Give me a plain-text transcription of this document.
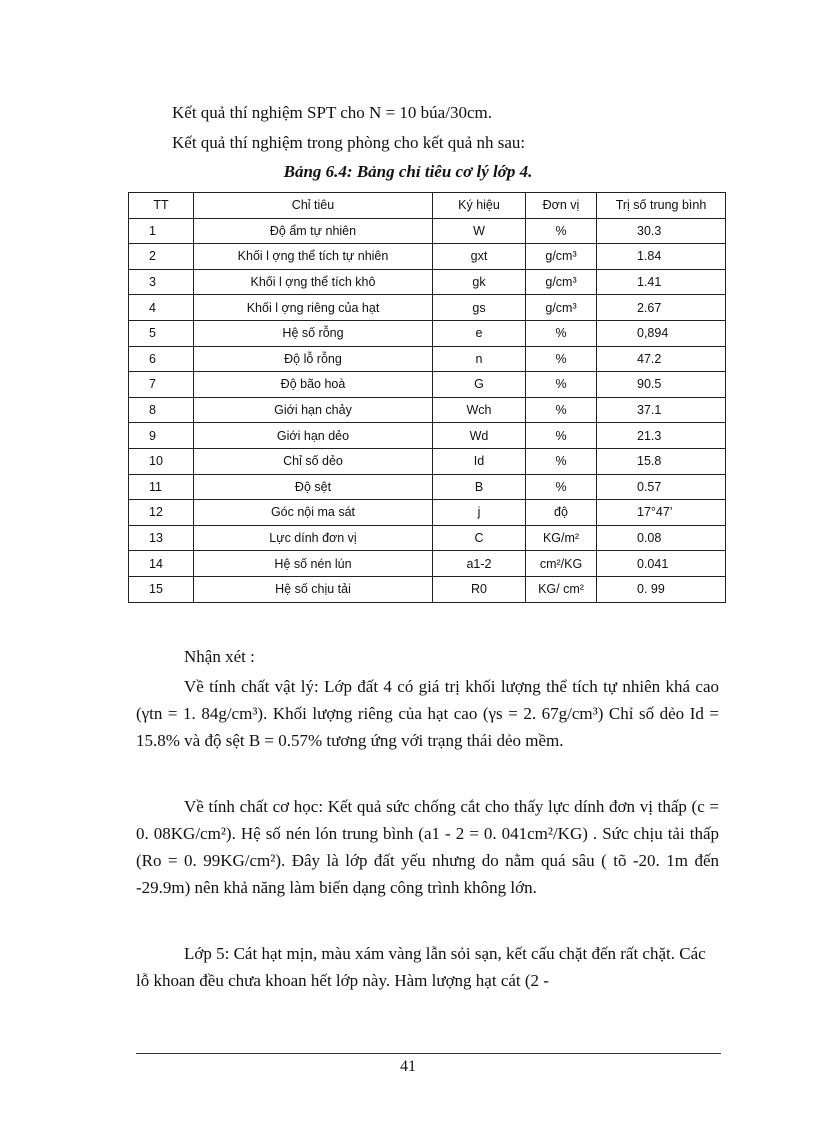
Kết quả thí nghiệm SPT cho N = 10 búa/30cm.
Kết quả thí nghiệm trong phòng cho kết quả nh sau:
Bảng 6.4: Bảng chỉ tiêu cơ lý lớp 4.
TT	Chỉ tiêu	Ký hiệu	Đơn vị	Trị số trung bình
1	Độ ẩm tự nhiên	W	%	30.3
2	Khối l ợng thể tích tự nhiên	gxt	g/cm³	1.84
3	Khối l ợng thể tích khô	gk	g/cm³	1.41
4	Khối l ợng riêng của hạt	gs	g/cm³	2.67
5	Hệ số rỗng	e	%	0,894
6	Độ lỗ rỗng	n	%	47.2
7	Độ bão hoà	G	%	90.5
8	Giới hạn chảy	Wch	%	37.1
9	Giới hạn dẻo	Wd	%	21.3
10	Chỉ số dẻo	Id	%	15.8
11	Độ sệt	B	%	0.57
12	Góc nội ma sát	j	độ	17°47’
13	Lực dính đơn vị	C	KG/m²	0.08
14	Hệ số nén lún	a1-2	cm²/KG	0.041
15	Hệ số chịu tải	R0	KG/ cm²	0. 99
Nhận xét :
Về tính chất vật lý: Lớp đất 4 có giá trị khối lượng thể tích tự nhiên khá cao (γtn = 1. 84g/cm³). Khối lượng riêng của hạt cao (γs = 2. 67g/cm³) Chỉ số dẻo Id = 15.8% và độ sệt B = 0.57% tương ứng với trạng thái dẻo mềm.
Về tính chất cơ học: Kết quả sức chống cắt cho thấy lực dính đơn vị thấp (c = 0. 08KG/cm²). Hệ số nén lón trung bình (a1 - 2 = 0. 041cm²/KG) . Sức chịu tải thấp (Ro = 0. 99KG/cm²). Đây là lớp đất yếu nhưng do nằm quá sâu ( tõ -20. 1m đến -29.9m) nên khả năng làm biến dạng công trình không lớn.
Lớp 5: Cát hạt mịn, màu xám vàng lẫn sỏi sạn, kết cấu chặt đến rất chặt. Các lỗ khoan đều chưa khoan hết lớp này. Hàm lượng hạt cát (2 -
41
